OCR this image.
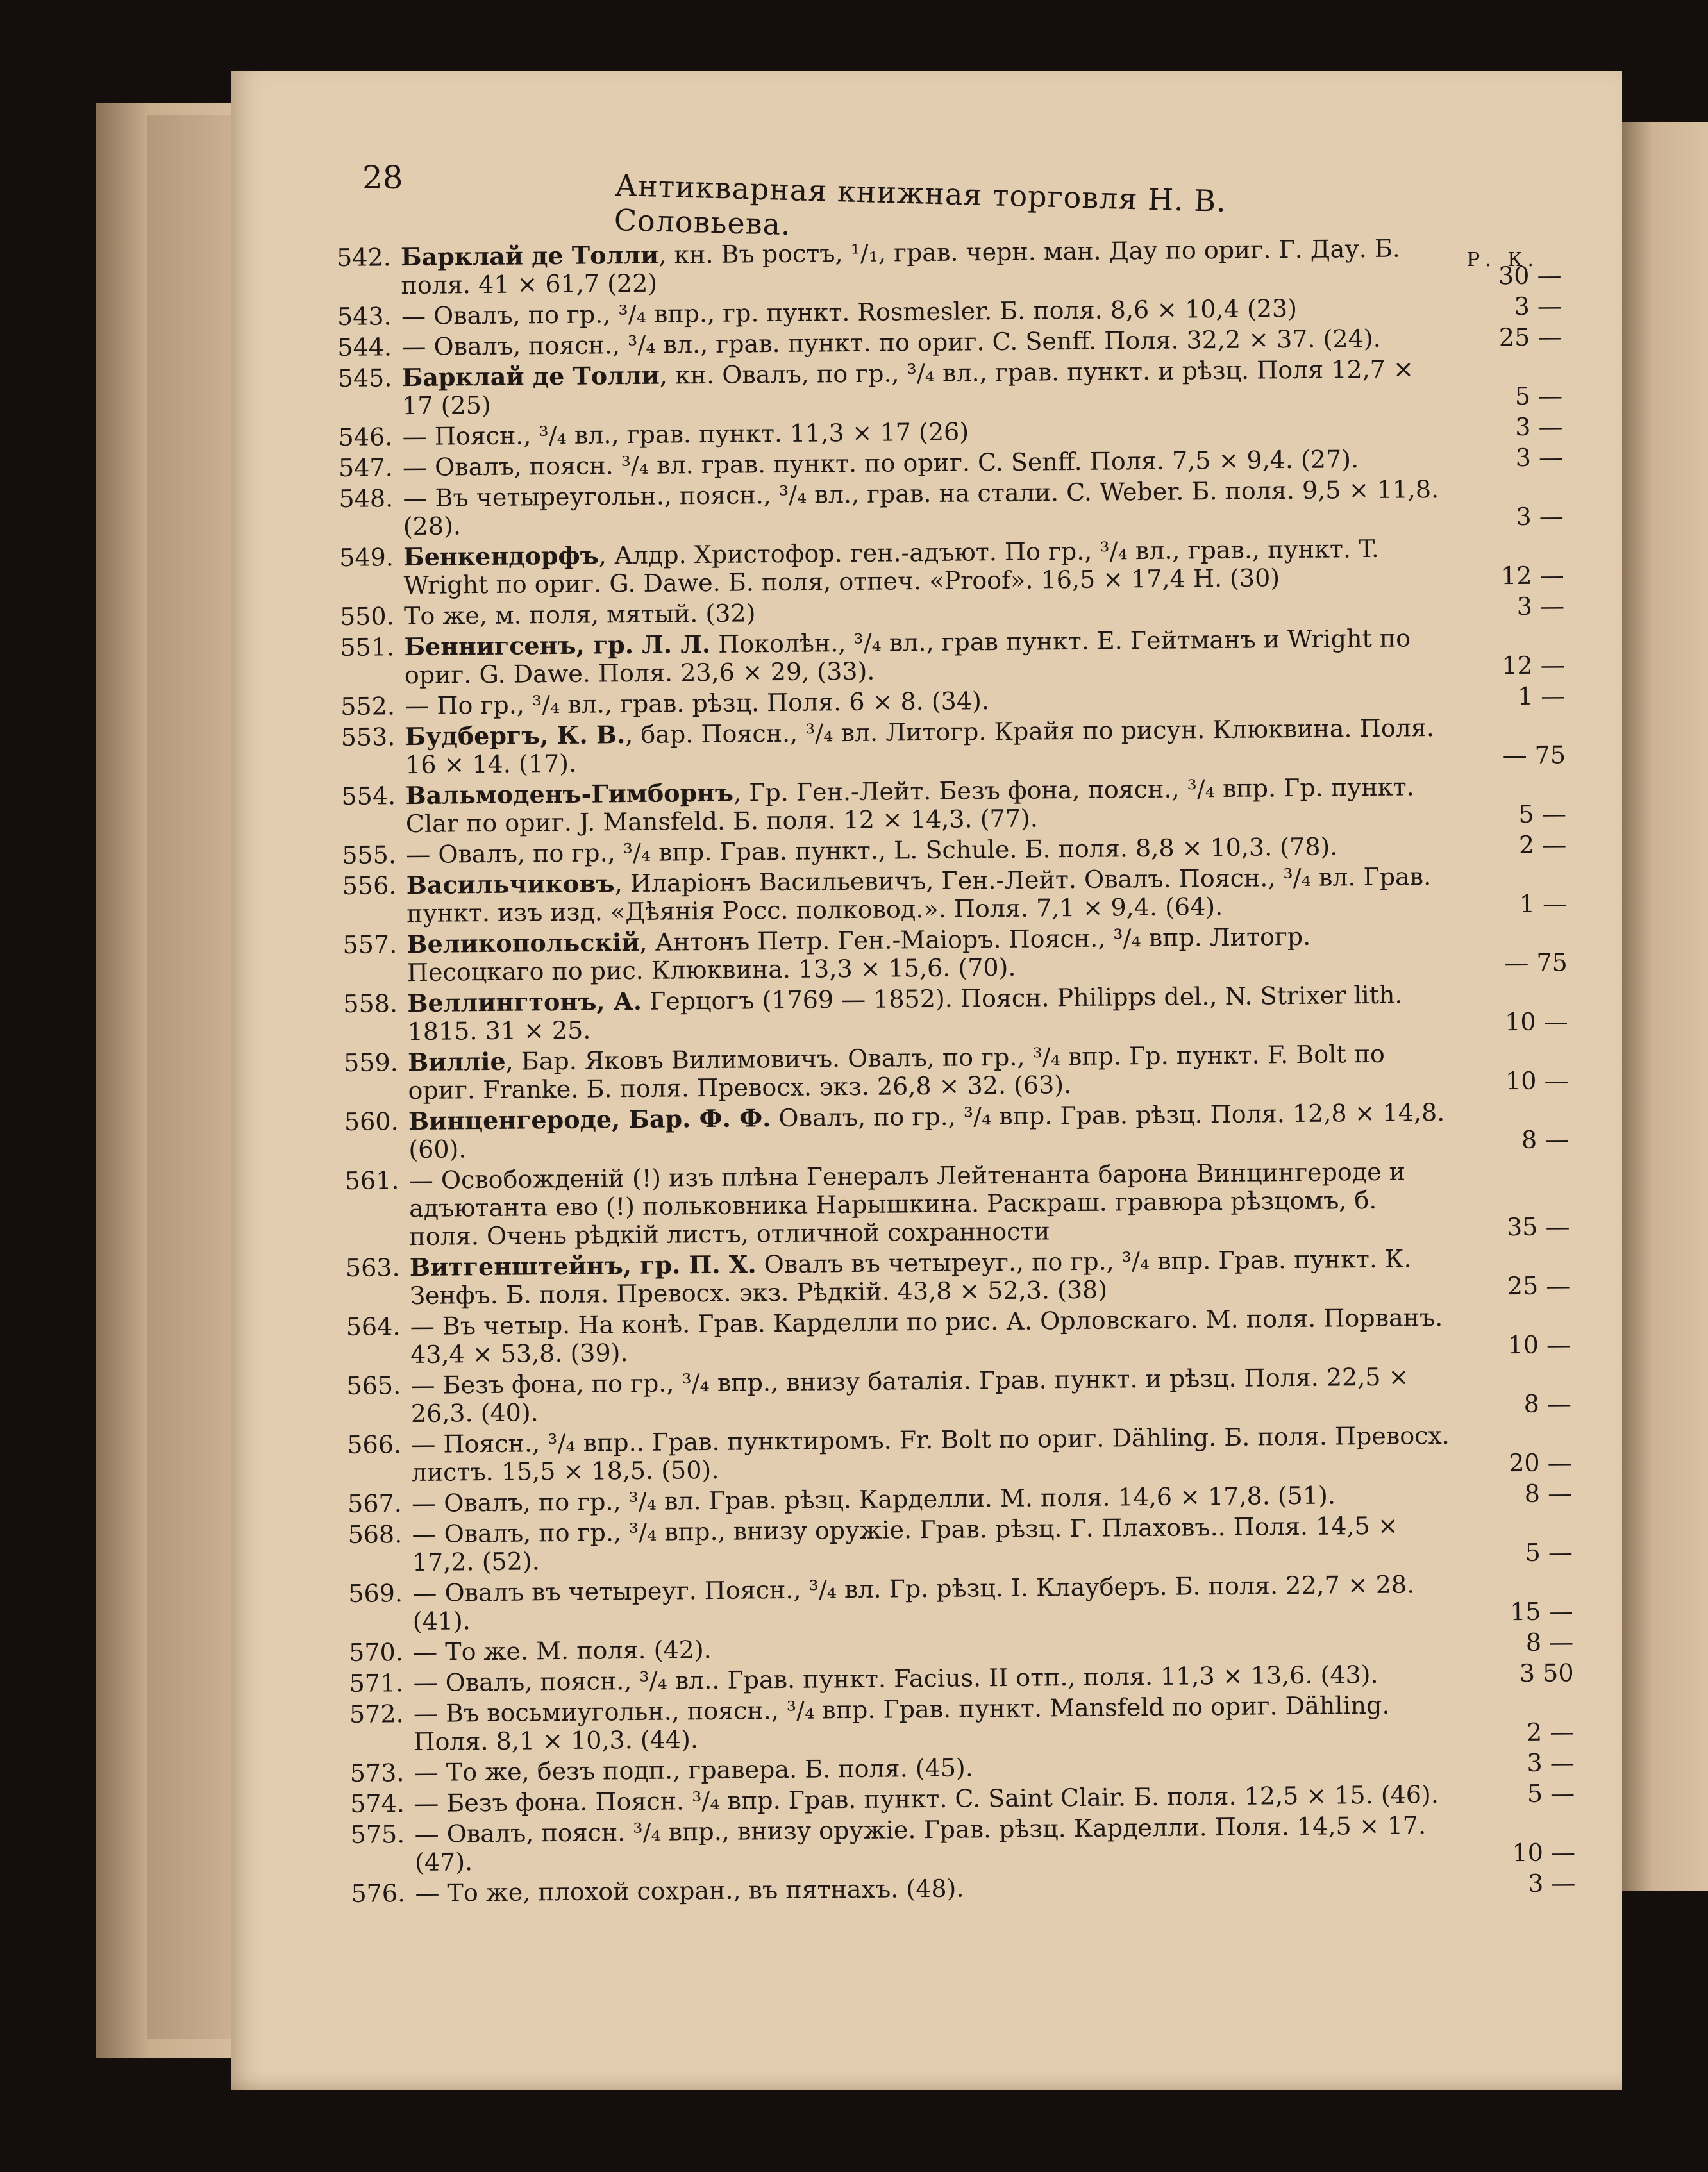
28	Антикварная книжная торговля Н. В. Соловьева.
Р. К.
542. Барклай де Толли, кн. Въ ростъ, ¹/₁, грав. черн. ман. Дау по ориг. Г. Дау. Б. поля. 41 × 61,7 (22)	30 —
543. — Овалъ, по гр., ³/₄ впр., гр. пункт. Rosmesler. Б. поля. 8,6 × 10,4 (23)	3 —
544. — Овалъ, поясн., ³/₄ вл., грав. пункт. по ориг. C. Senff. Поля. 32,2 × 37. (24).	25 —
545. Барклай де Толли, кн. Овалъ, по гр., ³/₄ вл., грав. пункт. и рѣзц. Поля 12,7 × 17 (25)	5 —
546. — Поясн., ³/₄ вл., грав. пункт. 11,3 × 17 (26)	3 —
547. — Овалъ, поясн. ³/₄ вл. грав. пункт. по ориг. C. Senff. Поля. 7,5 × 9,4. (27).	3 —
548. — Въ четыреугольн., поясн., ³/₄ вл., грав. на стали. C. Weber. Б. поля. 9,5 × 11,8. (28).	3 —
549. Бенкендорфъ, Алдр. Христофор. ген.-адъют. По гр., ³/₄ вл., грав., пункт. T. Wright по ориг. G. Dawe. Б. поля, отпеч. «Proof». 16,5 × 17,4 Н. (30)	12 —
550. То же, м. поля, мятый. (32)	3 —
551. Беннигсенъ, гр. Л. Л. Поколѣн., ³/₄ вл., грав пункт. E. Гейтманъ и Wright по ориг. G. Dawe. Поля. 23,6 × 29, (33).	12 —
552. — По гр., ³/₄ вл., грав. рѣзц. Поля. 6 × 8. (34).	1 —
553. Будбергъ, К. В., бар. Поясн., ³/₄ вл. Литогр. Крайя по рисун. Клюквина. Поля. 16 × 14. (17).	— 75
554. Вальмоденъ-Гимборнъ, Гр. Ген.-Лейт. Безъ фона, поясн., ³/₄ впр. Гр. пункт. Clar по ориг. J. Mansfeld. Б. поля. 12 × 14,3. (77).	5 —
555. — Овалъ, по гр., ³/₄ впр. Грав. пункт., L. Schule. Б. поля. 8,8 × 10,3. (78).	2 —
556. Васильчиковъ, Иларіонъ Васильевичъ, Ген.-Лейт. Овалъ. Поясн., ³/₄ вл. Грав. пункт. изъ изд. «Дѣянія Росс. полковод.». Поля. 7,1 × 9,4. (64).	1 —
557. Великопольскій, Антонъ Петр. Ген.-Маіоръ. Поясн., ³/₄ впр. Литогр. Песоцкаго по рис. Клюквина. 13,3 × 15,6. (70).	— 75
558. Веллингтонъ, А. Герцогъ (1769 — 1852). Поясн. Philipps del., N. Strixer lith. 1815. 31 × 25.	10 —
559. Вилліе, Бар. Яковъ Вилимовичъ. Овалъ, по гр., ³/₄ впр. Гр. пункт. F. Bolt по ориг. Franke. Б. поля. Превосх. экз. 26,8 × 32. (63).	10 —
560. Винценгероде, Бар. Ф. Ф. Овалъ, по гр., ³/₄ впр. Грав. рѣзц. Поля. 12,8 × 14,8. (60).	8 —
561. — Освобожденій (!) изъ плѣна Генералъ Лейтенанта барона Винцингероде и адъютанта ево (!) польковника Нарышкина. Раскраш. гравюра рѣзцомъ, б. поля. Очень рѣдкій листъ, отличной сохранности	35 —
563. Витгенштейнъ, гр. П. Х. Овалъ въ четыреуг., по гр., ³/₄ впр. Грав. пункт. К. Зенфъ. Б. поля. Превосх. экз. Рѣдкій. 43,8 × 52,3. (38)	25 —
564. — Въ четыр. На конѣ. Грав. Карделли по рис. А. Орловскаго. М. поля. Порванъ. 43,4 × 53,8. (39).	10 —
565. — Безъ фона, по гр., ³/₄ впр., внизу баталія. Грав. пункт. и рѣзц. Поля. 22,5 × 26,3. (40).	8 —
566. — Поясн., ³/₄ впр.. Грав. пунктиромъ. Fr. Bolt по ориг. Dähling. Б. поля. Превосх. листъ. 15,5 × 18,5. (50).	20 —
567. — Овалъ, по гр., ³/₄ вл. Грав. рѣзц. Карделли. М. поля. 14,6 × 17,8. (51).	8 —
568. — Овалъ, по гр., ³/₄ впр., внизу оружіе. Грав. рѣзц. Г. Плаховъ.. Поля. 14,5 × 17,2. (52).	5 —
569. — Овалъ въ четыреуг. Поясн., ³/₄ вл. Гр. рѣзц. I. Клауберъ. Б. поля. 22,7 × 28. (41).	15 —
570. — То же. М. поля. (42).	8 —
571. — Овалъ, поясн., ³/₄ вл.. Грав. пункт. Facius. II отп., поля. 11,3 × 13,6. (43).	3 50
572. — Въ восьмиугольн., поясн., ³/₄ впр. Грав. пункт. Mansfeld по ориг. Dähling. Поля. 8,1 × 10,3. (44).	2 —
573. — То же, безъ подп., гравера. Б. поля. (45).	3 —
574. — Безъ фона. Поясн. ³/₄ впр. Грав. пункт. C. Saint Clair. Б. поля. 12,5 × 15. (46).	5 —
575. — Овалъ, поясн. ³/₄ впр., внизу оружіе. Грав. рѣзц. Карделли. Поля. 14,5 × 17. (47).	10 —
576. — То же, плохой сохран., въ пятнахъ. (48).	3 —
